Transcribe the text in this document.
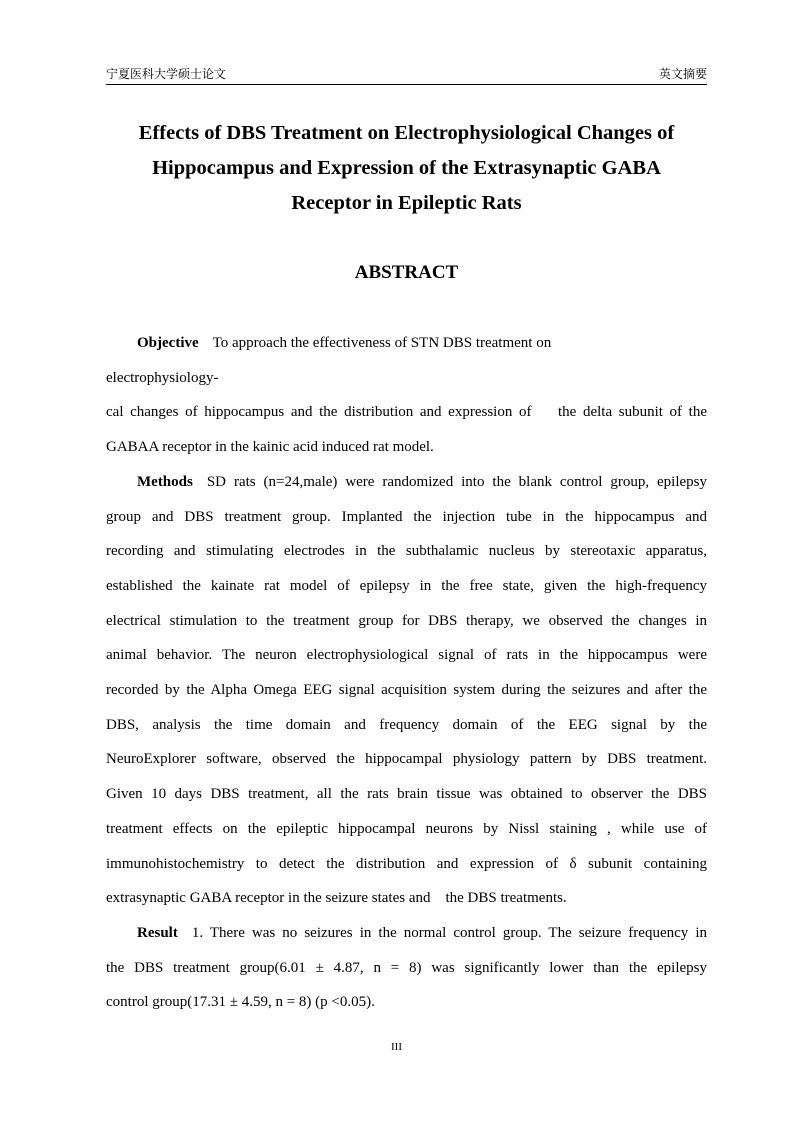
宁夏医科大学硕士论文	英文摘要
Effects of DBS Treatment on Electrophysiological Changes of
Hippocampus and Expression of the Extrasynaptic GABA
Receptor in Epileptic Rats
ABSTRACT
Objective To approach the effectiveness of STN DBS treatment on
electrophysiology-
cal changes of hippocampus and the distribution and expression of    the delta subunit of the
GABAA receptor in the kainic acid induced rat model.
Methods SD rats (n=24,male) were randomized into the blank control group, epilepsy
group and DBS treatment group. Implanted the injection tube in the hippocampus and
recording and stimulating electrodes in the subthalamic nucleus by stereotaxic apparatus,
established the kainate rat model of epilepsy in the free state, given the high-frequency
electrical stimulation to the treatment group for DBS therapy, we observed the changes in
animal behavior. The neuron electrophysiological signal of rats in the hippocampus were
recorded by the Alpha Omega EEG signal acquisition system during the seizures and after the
DBS, analysis the time domain and frequency domain of the EEG signal by the
NeuroExplorer software, observed the hippocampal physiology pattern by DBS treatment.
Given 10 days DBS treatment, all the rats brain tissue was obtained to observer the DBS
treatment effects on the epileptic hippocampal neurons by Nissl staining , while use of
immunohistochemistry to detect the distribution and expression of δ subunit containing
extrasynaptic GABA receptor in the seizure states and    the DBS treatments.
Result 1. There was no seizures in the normal control group. The seizure frequency in
the DBS treatment group(6.01 ± 4.87, n = 8) was significantly lower than the epilepsy
control group(17.31 ± 4.59, n = 8) (p <0.05).
III
